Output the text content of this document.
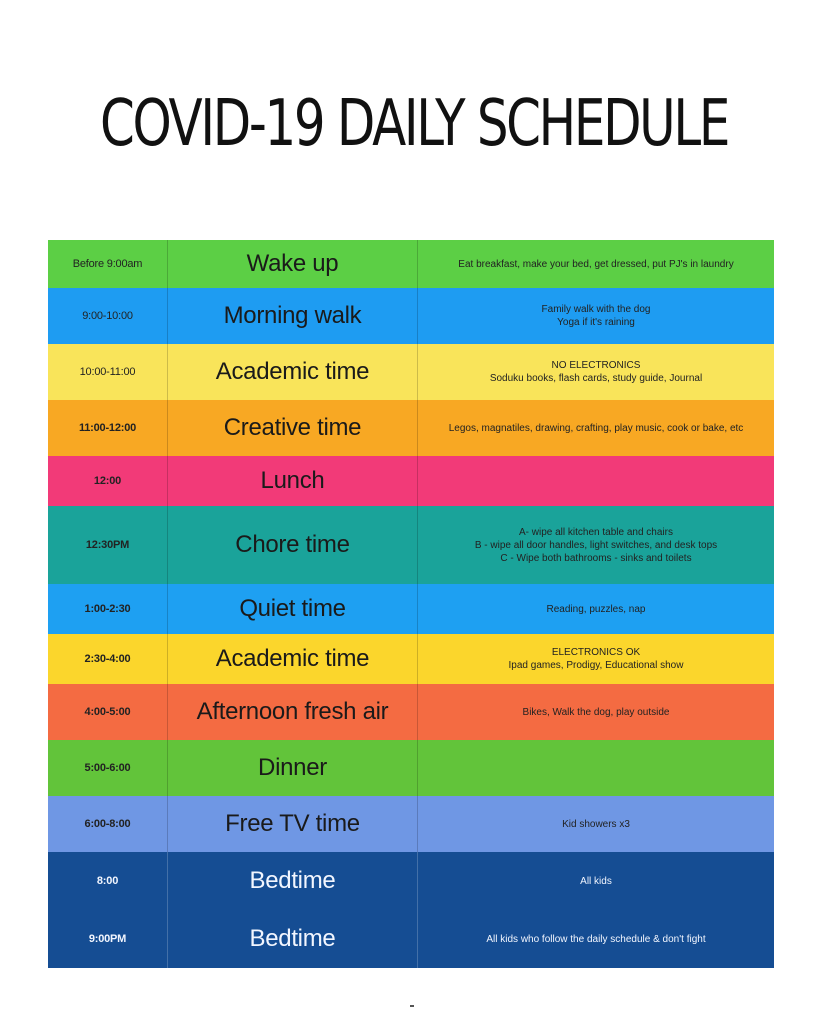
COVID-19 DAILY SCHEDULE
Before 9:00am	Wake up	Eat breakfast, make your bed, get dressed, put PJ's in laundry
9:00-10:00	Morning walk	Family walk with the dog
Yoga if it's raining
10:00-11:00	Academic time	NO ELECTRONICS
Soduku books, flash cards, study guide, Journal
11:00-12:00	Creative time	Legos, magnatiles, drawing, crafting, play music, cook or bake, etc
12:00	Lunch
12:30PM	Chore time	A- wipe all kitchen table and chairs
B - wipe all door handles, light switches, and desk tops
C - Wipe both bathrooms - sinks and toilets
1:00-2:30	Quiet time	Reading, puzzles, nap
2:30-4:00	Academic time	ELECTRONICS OK
Ipad games, Prodigy, Educational show
4:00-5:00	Afternoon fresh air	Bikes, Walk the dog, play outside
5:00-6:00	Dinner
6:00-8:00	Free TV time	Kid showers x3
8:00	Bedtime	All kids
9:00PM	Bedtime	All kids who follow the daily schedule & don't fight
